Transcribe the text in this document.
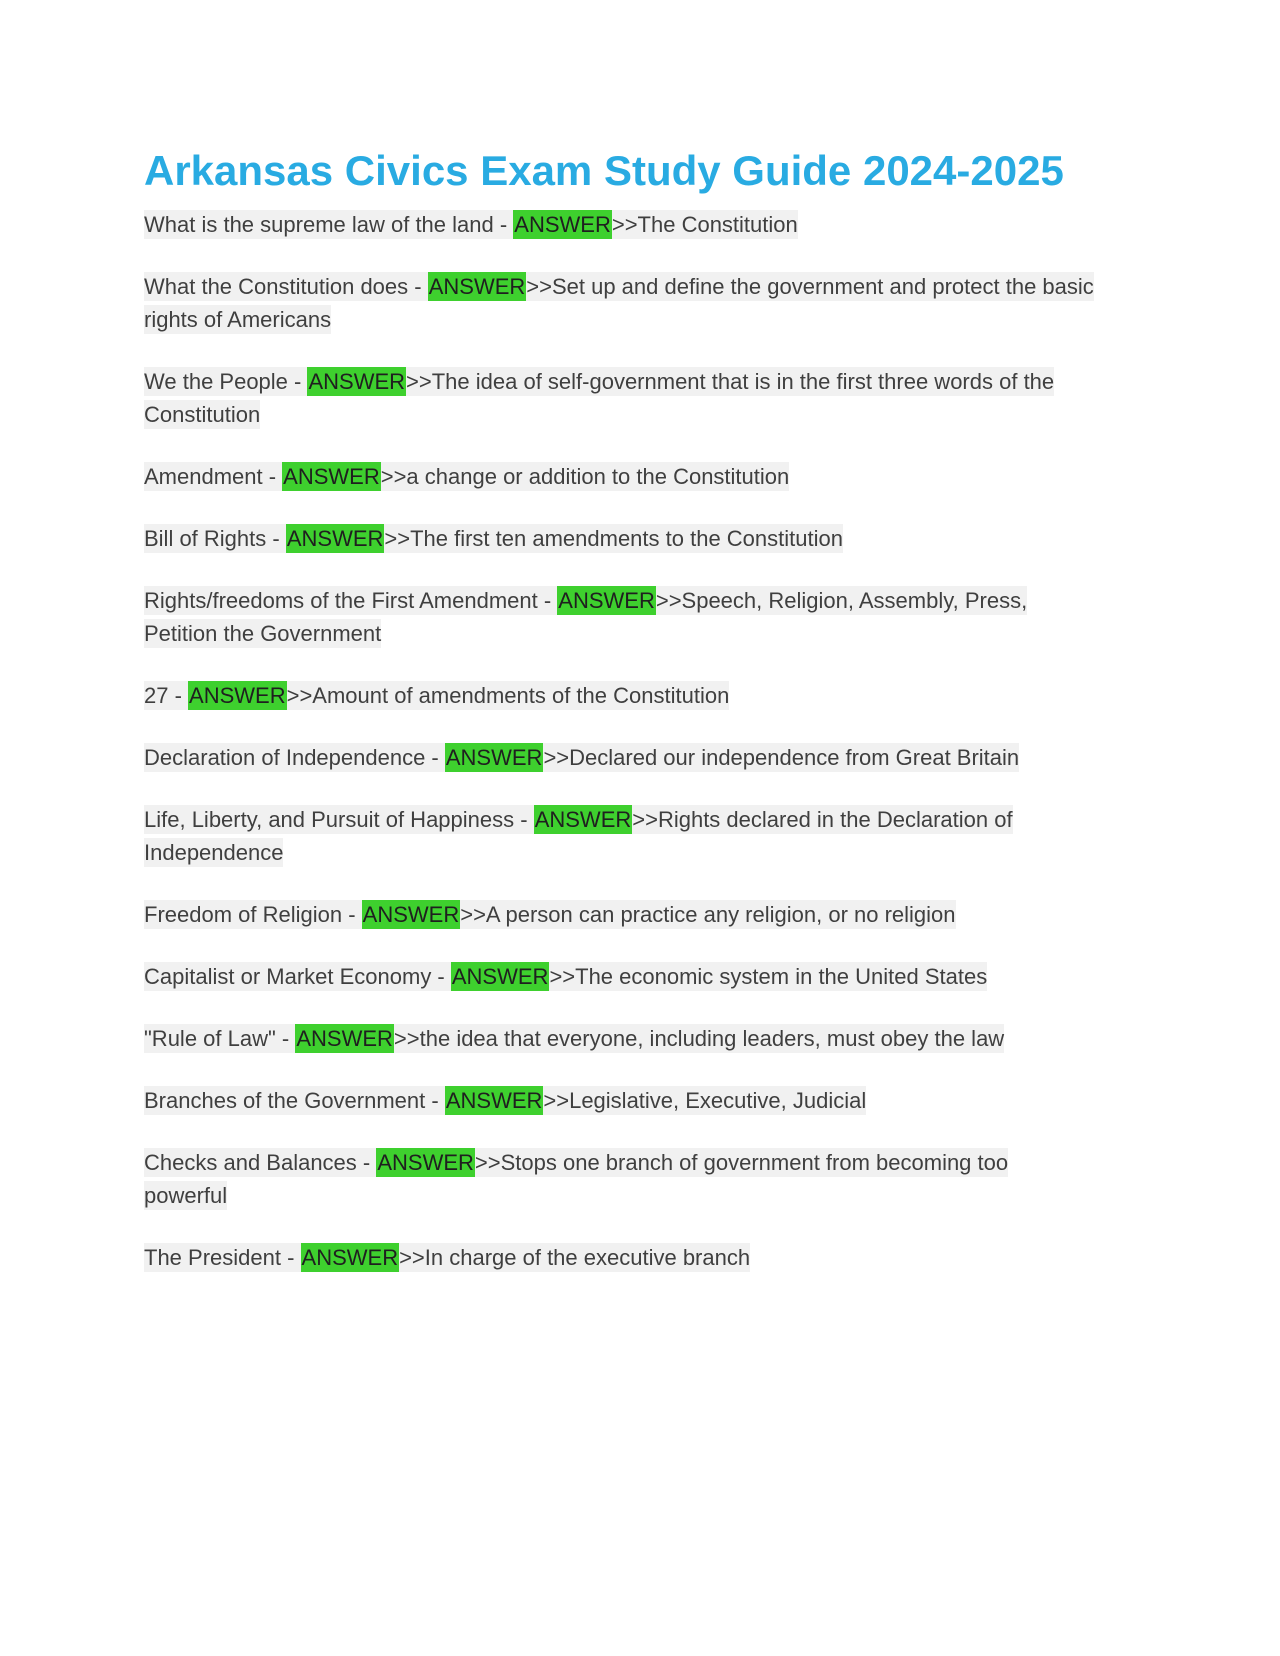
Arkansas Civics Exam Study Guide 2024-2025

What is the supreme law of the land - ANSWER>>The Constitution

What the Constitution does - ANSWER>>Set up and define the government and protect the basic rights of Americans

We the People - ANSWER>>The idea of self-government that is in the first three words of the Constitution

Amendment - ANSWER>>a change or addition to the Constitution

Bill of Rights - ANSWER>>The first ten amendments to the Constitution

Rights/freedoms of the First Amendment - ANSWER>>Speech, Religion, Assembly, Press, Petition the Government

27 - ANSWER>>Amount of amendments of the Constitution

Declaration of Independence - ANSWER>>Declared our independence from Great Britain

Life, Liberty, and Pursuit of Happiness - ANSWER>>Rights declared in the Declaration of Independence

Freedom of Religion - ANSWER>>A person can practice any religion, or no religion

Capitalist or Market Economy - ANSWER>>The economic system in the United States

"Rule of Law" - ANSWER>>the idea that everyone, including leaders, must obey the law

Branches of the Government - ANSWER>>Legislative, Executive, Judicial

Checks and Balances - ANSWER>>Stops one branch of government from becoming too powerful

The President - ANSWER>>In charge of the executive branch
